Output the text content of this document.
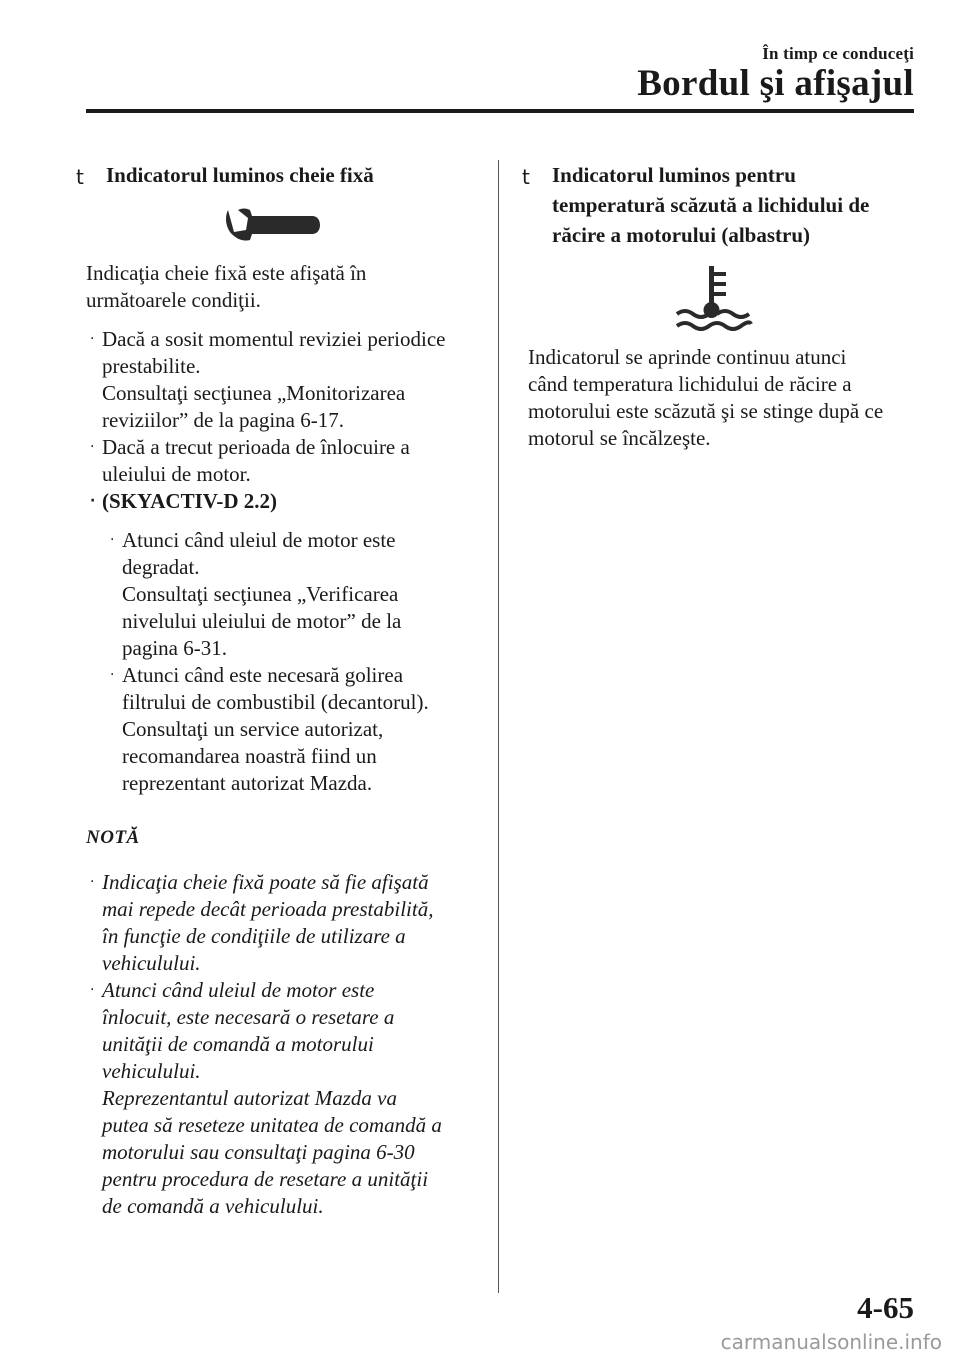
În timp ce conduceţi
Bordul şi afişajul
t Indicatorul luminos cheie fixă
Indicaţia cheie fixă este afişată în
următoarele condiţii.
· Dacă a sosit momentul reviziei periodice
prestabilite.
Consultaţi secţiunea „Monitorizarea
reviziilor” de la pagina 6-17.
· Dacă a trecut perioada de înlocuire a
uleiului de motor.
· (SKYACTIV-D 2.2)
· Atunci când uleiul de motor este
degradat.
Consultaţi secţiunea „Verificarea
nivelului uleiului de motor” de la
pagina 6-31.
· Atunci când este necesară golirea
filtrului de combustibil (decantorul).
Consultaţi un service autorizat,
recomandarea noastră fiind un
reprezentant autorizat Mazda.
NOTĂ
· Indicaţia cheie fixă poate să fie afişată
mai repede decât perioada prestabilită,
în funcţie de condiţiile de utilizare a
vehiculului.
· Atunci când uleiul de motor este
înlocuit, este necesară o resetare a
unităţii de comandă a motorului
vehiculului.
Reprezentantul autorizat Mazda va
putea să reseteze unitatea de comandă a
motorului sau consultaţi pagina 6-30
pentru procedura de resetare a unităţii
de comandă a vehiculului.
t Indicatorul luminos pentru
temperatură scăzută a lichidului de
răcire a motorului (albastru)
Indicatorul se aprinde continuu atunci
când temperatura lichidului de răcire a
motorului este scăzută şi se stinge după ce
motorul se încălzeşte.
4-65
carmanualsonline.info
